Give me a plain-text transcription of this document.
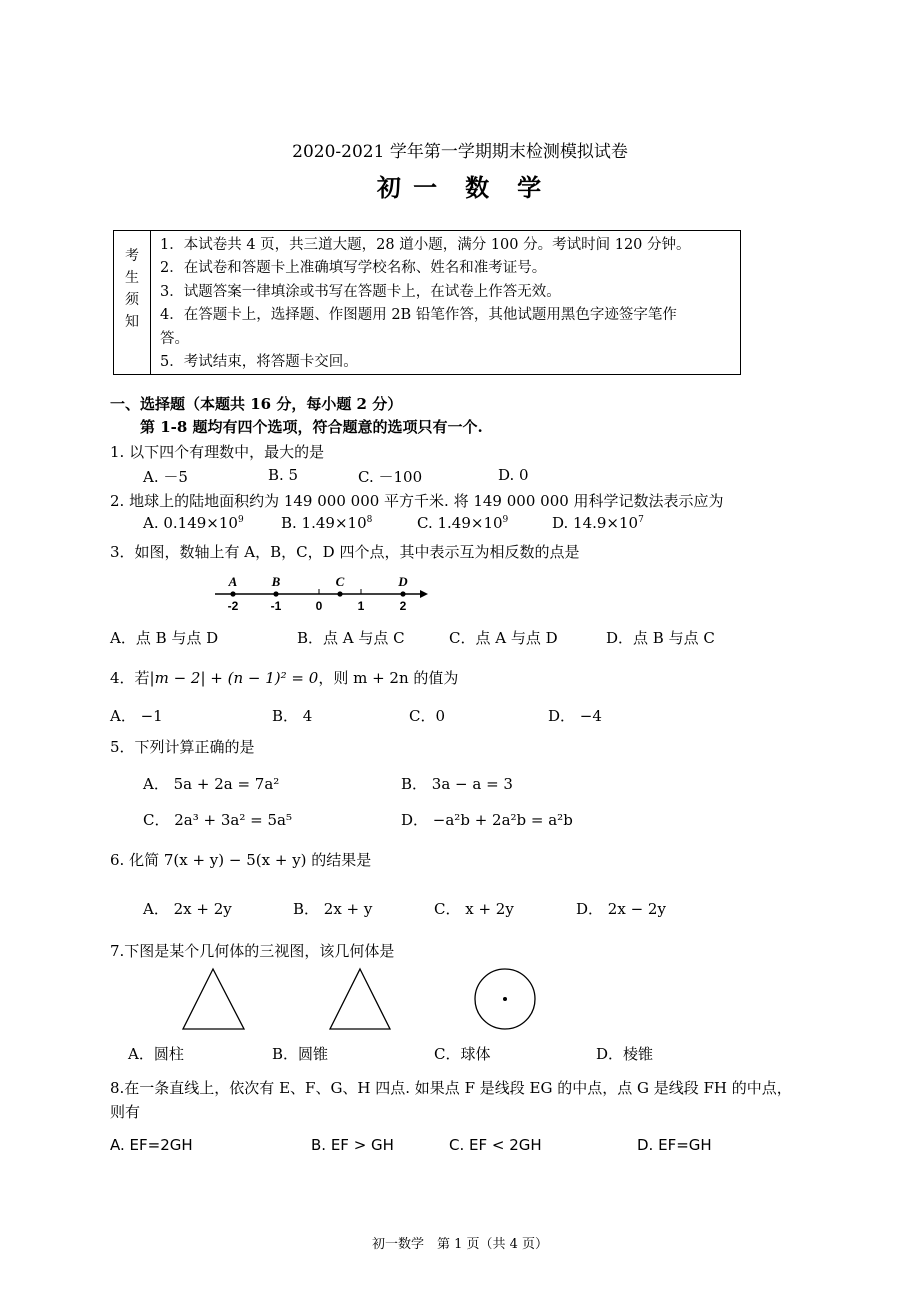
2020-2021 学年第一学期期末检测模拟试卷
初 一　数　学
考 生 须 知
1．本试卷共 4 页，共三道大题，28 道小题，满分 100 分。考试时间 120 分钟。
2．在试卷和答题卡上准确填写学校名称、姓名和准考证号。
3．试题答案一律填涂或书写在答题卡上，在试卷上作答无效。
4．在答题卡上，选择题、作图题用 2B 铅笔作答，其他试题用黑色字迹签字笔作
答。
5．考试结束，将答题卡交回。
一、选择题（本题共 16 分，每小题 2 分）
第 1-8 题均有四个选项，符合题意的选项只有一个.
1. 以下四个有理数中，最大的是
A. －5	B. 5	C. －100	D. 0
2. 地球上的陆地面积约为 149 000 000 平方千米. 将 149 000 000 用科学记数法表示应为
A. $0.149\times 10^9$ B. $1.49\times 10^8$	C. $1.49\times 10^9$	D. $14.9\times 10^7$
3．如图，数轴上有 A，B，C，D 四个点，其中表示互为相反数的点是
A	B	C	D
-2	-1	0	1	2
A．点 B 与点 D	B．点 A 与点 C	C．点 A 与点 D	D．点 B 与点 C
4．若|m − 2| + (n − 1)² = 0，则 m + 2n 的值为
A． −1	B． 4	C．0	D． −4
5．下列计算正确的是
A． 5a + 2a = 7a²	B． 3a − a = 3
C． 2a³ + 3a² = 5a⁵	D． −a²b + 2a²b = a²b
6. 化简 7(x + y) − 5(x + y) 的结果是
A． 2x + 2y	B． 2x + y	C． x + 2y	D． 2x − 2y
7.下图是某个几何体的三视图，该几何体是
A．圆柱	B．圆锥	C．球体	D．棱锥
8.在一条直线上，依次有 E、F、G、H 四点. 如果点 F 是线段 EG 的中点，点 G 是线段 FH 的中点，
则有
A. EF=2GH	B. EF > GH	C. EF < 2GH	D. EF=GH
初一数学　第 1 页（共 4 页）
